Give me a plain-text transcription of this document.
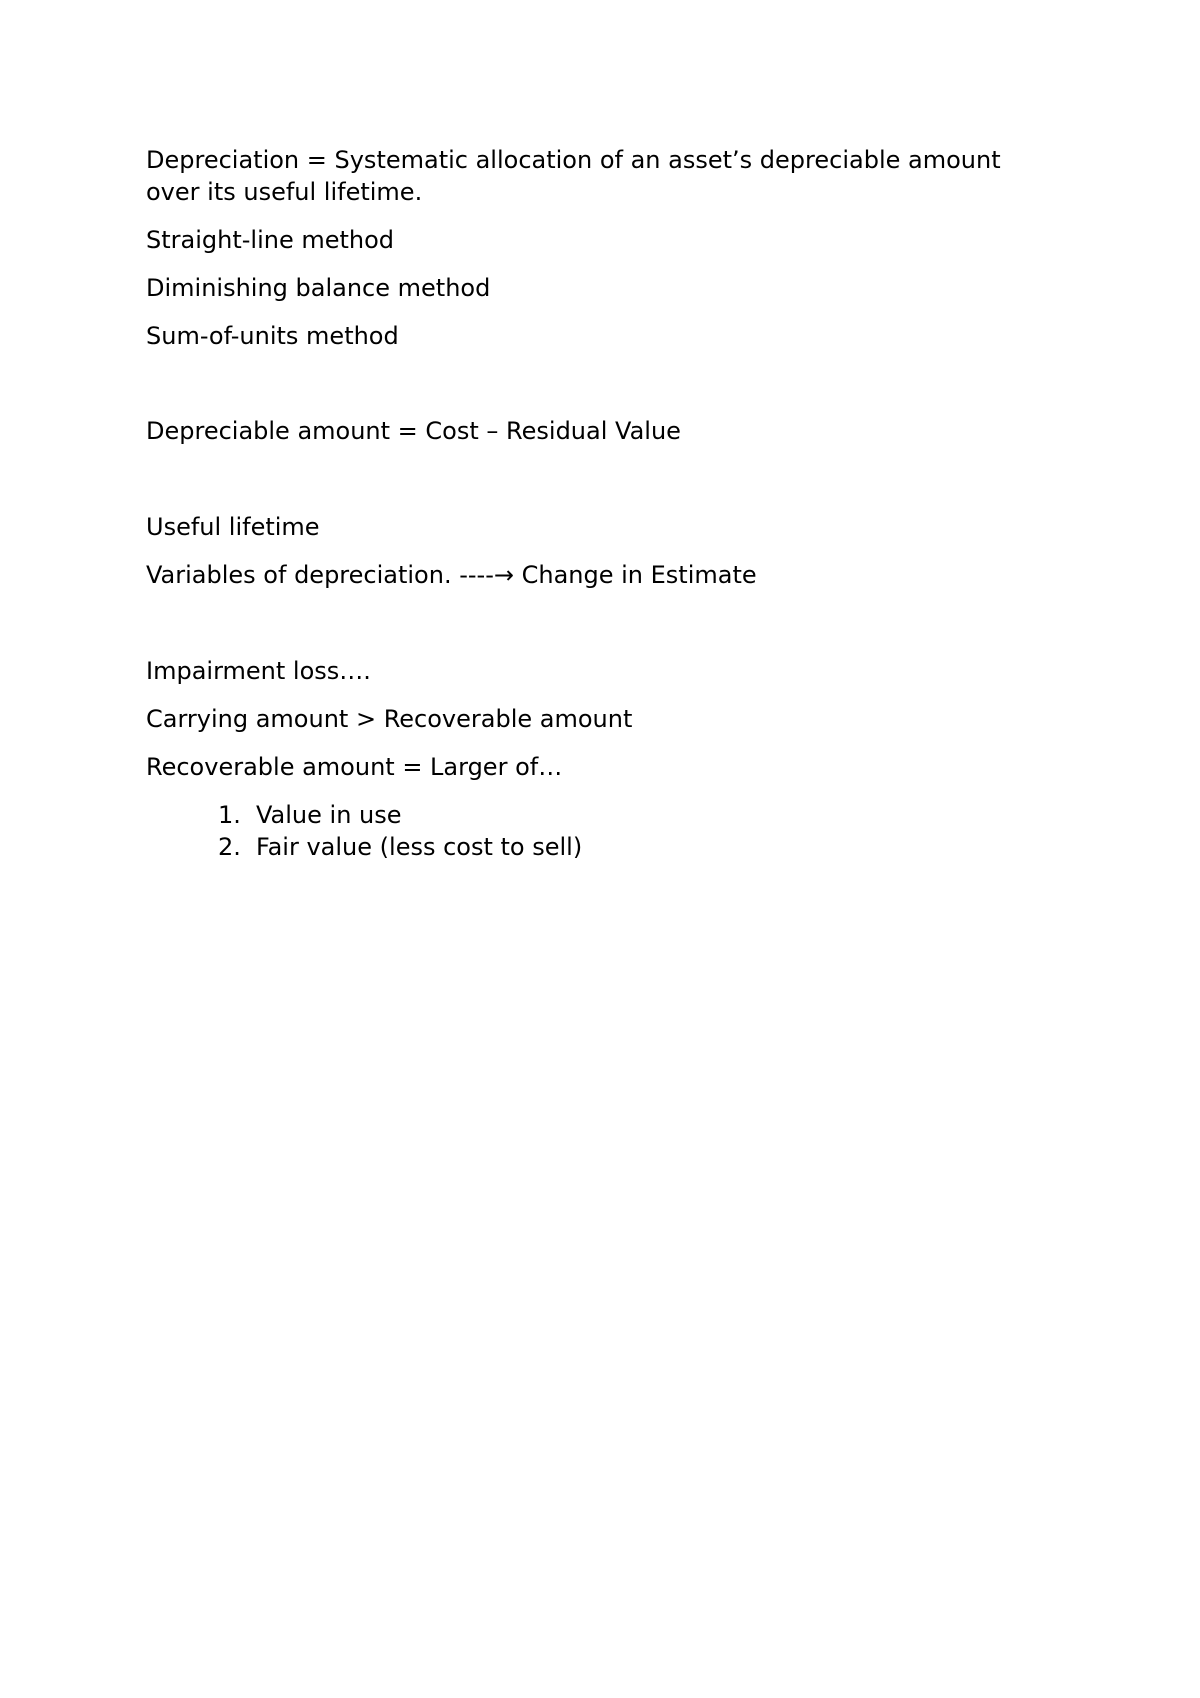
Depreciation = Systematic allocation of an asset’s depreciable amount
over its useful lifetime.
Straight-line method
Diminishing balance method
Sum-of-units method
Depreciable amount = Cost – Residual Value
Useful lifetime
Variables of depreciation. ----→ Change in Estimate
Impairment loss….
Carrying amount > Recoverable amount
Recoverable amount = Larger of…
1. Value in use
2. Fair value (less cost to sell)
